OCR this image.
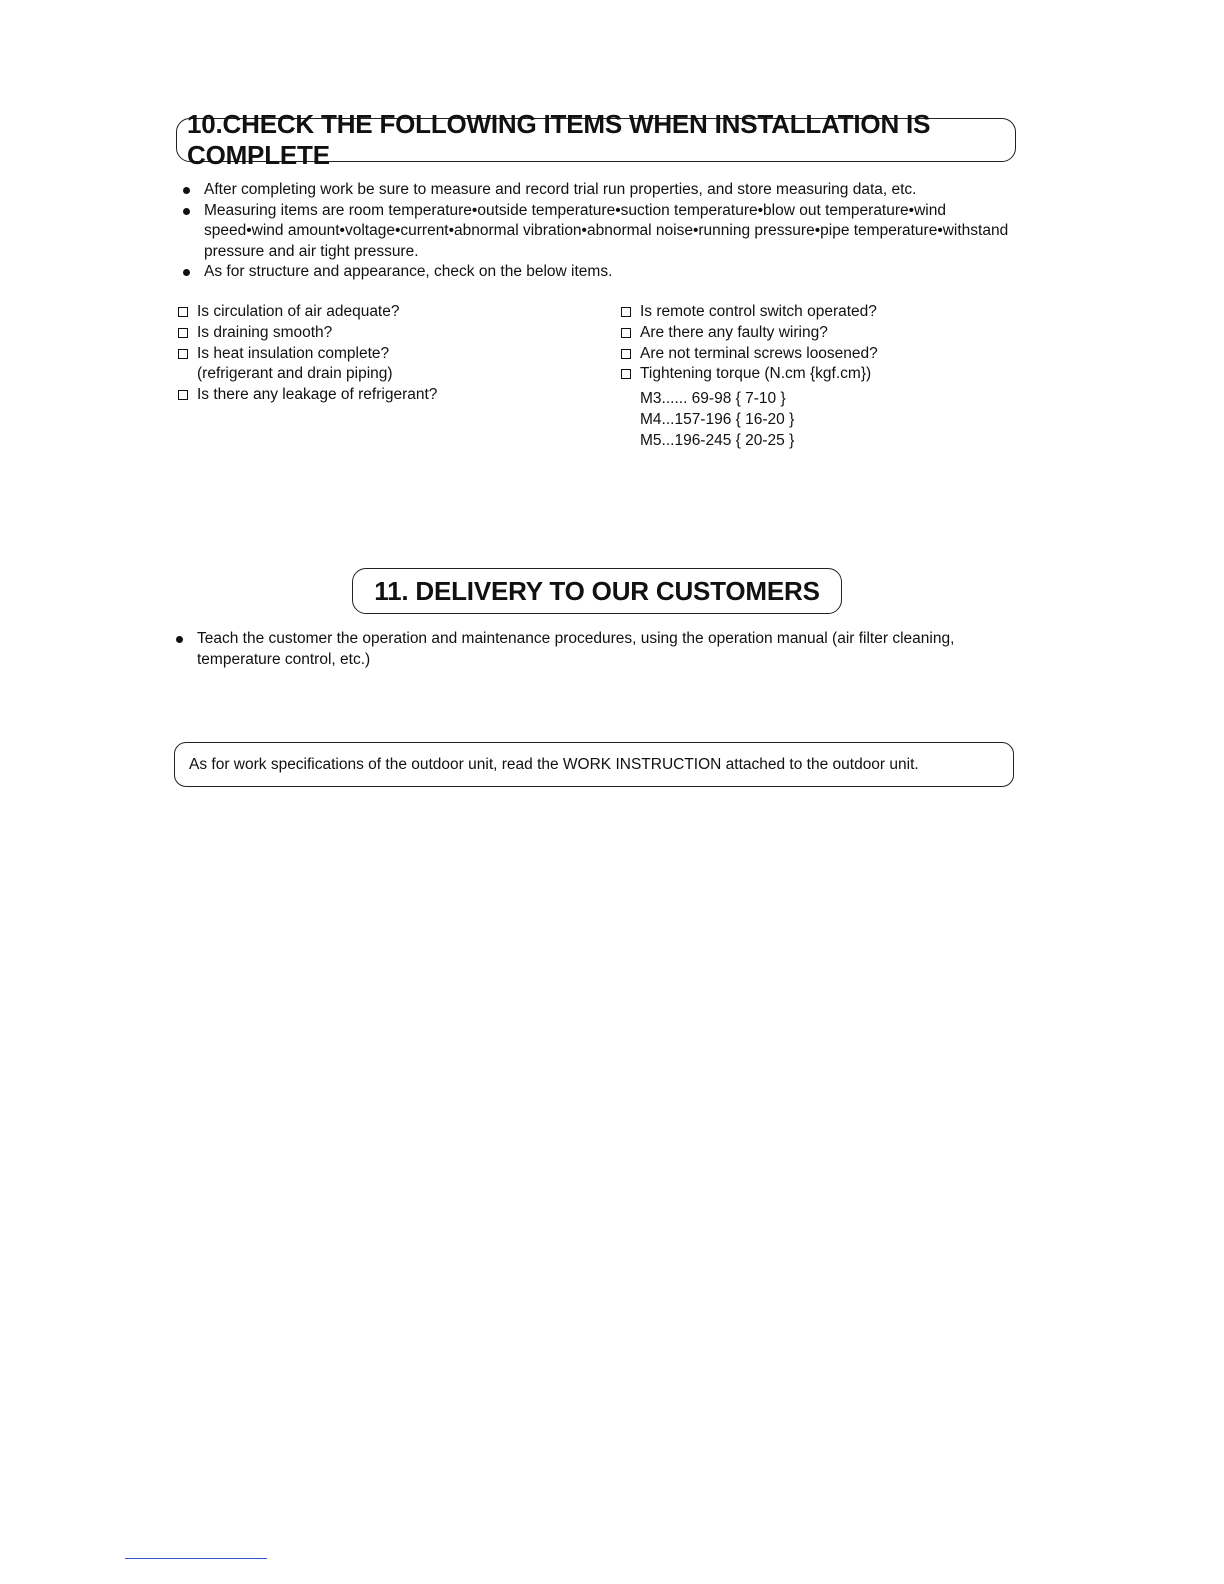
10.CHECK THE FOLLOWING ITEMS WHEN INSTALLATION IS COMPLETE
After completing work be sure to measure and record trial run properties, and store measuring data, etc.
Measuring items are room temperature•outside temperature•suction temperature•blow out temperature•wind speed•wind amount•voltage•current•abnormal vibration•abnormal noise•running pressure•pipe temperature•withstand pressure and air tight pressure.
As for structure and appearance, check on the below items.
Is circulation of air adequate?
Is draining smooth?
Is heat insulation complete?
(refrigerant and drain piping)
Is there any leakage of refrigerant?
Is remote control switch operated?
Are there any faulty wiring?
Are not terminal screws loosened?
Tightening torque (N.cm {kgf.cm})
M3...... 69-98 { 7-10 }
M4...157-196 { 16-20 }
M5...196-245 { 20-25 }
11. DELIVERY TO OUR CUSTOMERS
Teach the customer the operation and maintenance procedures, using the operation manual (air filter cleaning, temperature control, etc.)
As for work specifications of the outdoor unit, read the WORK INSTRUCTION attached to the outdoor unit.
